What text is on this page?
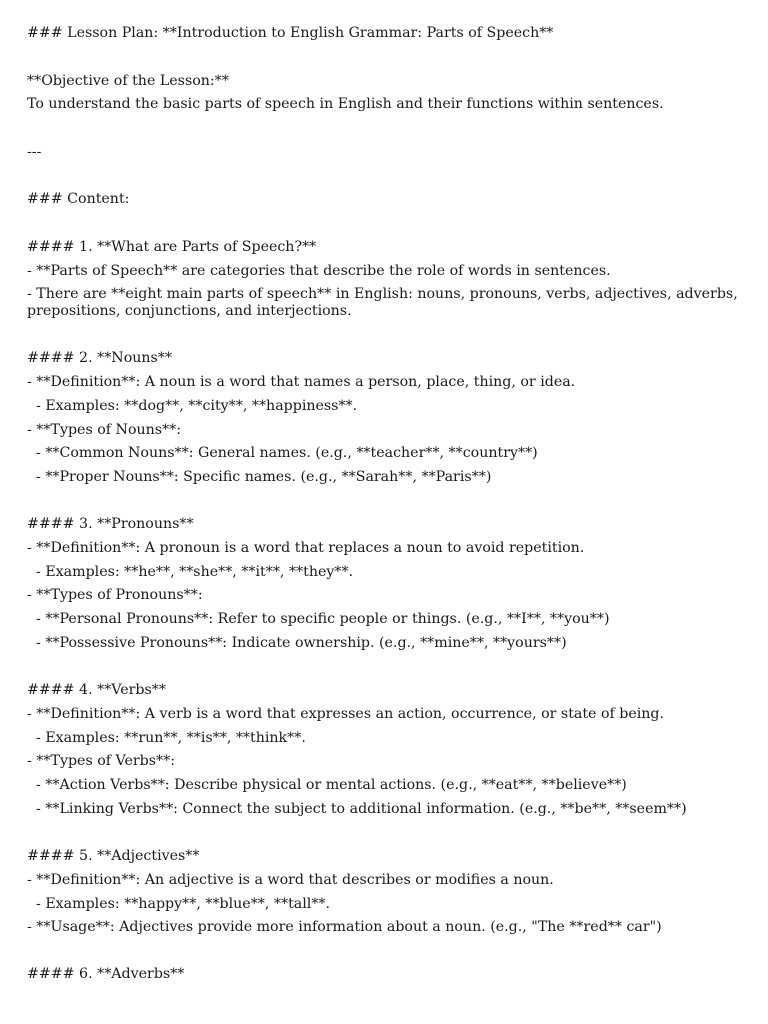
### Lesson Plan: **Introduction to English Grammar: Parts of Speech**
**Objective of the Lesson:**
To understand the basic parts of speech in English and their functions within sentences.
---
### Content:
#### 1. **What are Parts of Speech?**
- **Parts of Speech** are categories that describe the role of words in sentences.
- There are **eight main parts of speech** in English: nouns, pronouns, verbs, adjectives, adverbs, prepositions, conjunctions, and interjections.
#### 2. **Nouns**
- **Definition**: A noun is a word that names a person, place, thing, or idea.
- Examples: **dog**, **city**, **happiness**.
- **Types of Nouns**:
- **Common Nouns**: General names. (e.g., **teacher**, **country**)
- **Proper Nouns**: Specific names. (e.g., **Sarah**, **Paris**)
#### 3. **Pronouns**
- **Definition**: A pronoun is a word that replaces a noun to avoid repetition.
- Examples: **he**, **she**, **it**, **they**.
- **Types of Pronouns**:
- **Personal Pronouns**: Refer to specific people or things. (e.g., **I**, **you**)
- **Possessive Pronouns**: Indicate ownership. (e.g., **mine**, **yours**)
#### 4. **Verbs**
- **Definition**: A verb is a word that expresses an action, occurrence, or state of being.
- Examples: **run**, **is**, **think**.
- **Types of Verbs**:
- **Action Verbs**: Describe physical or mental actions. (e.g., **eat**, **believe**)
- **Linking Verbs**: Connect the subject to additional information. (e.g., **be**, **seem**)
#### 5. **Adjectives**
- **Definition**: An adjective is a word that describes or modifies a noun.
- Examples: **happy**, **blue**, **tall**.
- **Usage**: Adjectives provide more information about a noun. (e.g., "The **red** car")
#### 6. **Adverbs**
